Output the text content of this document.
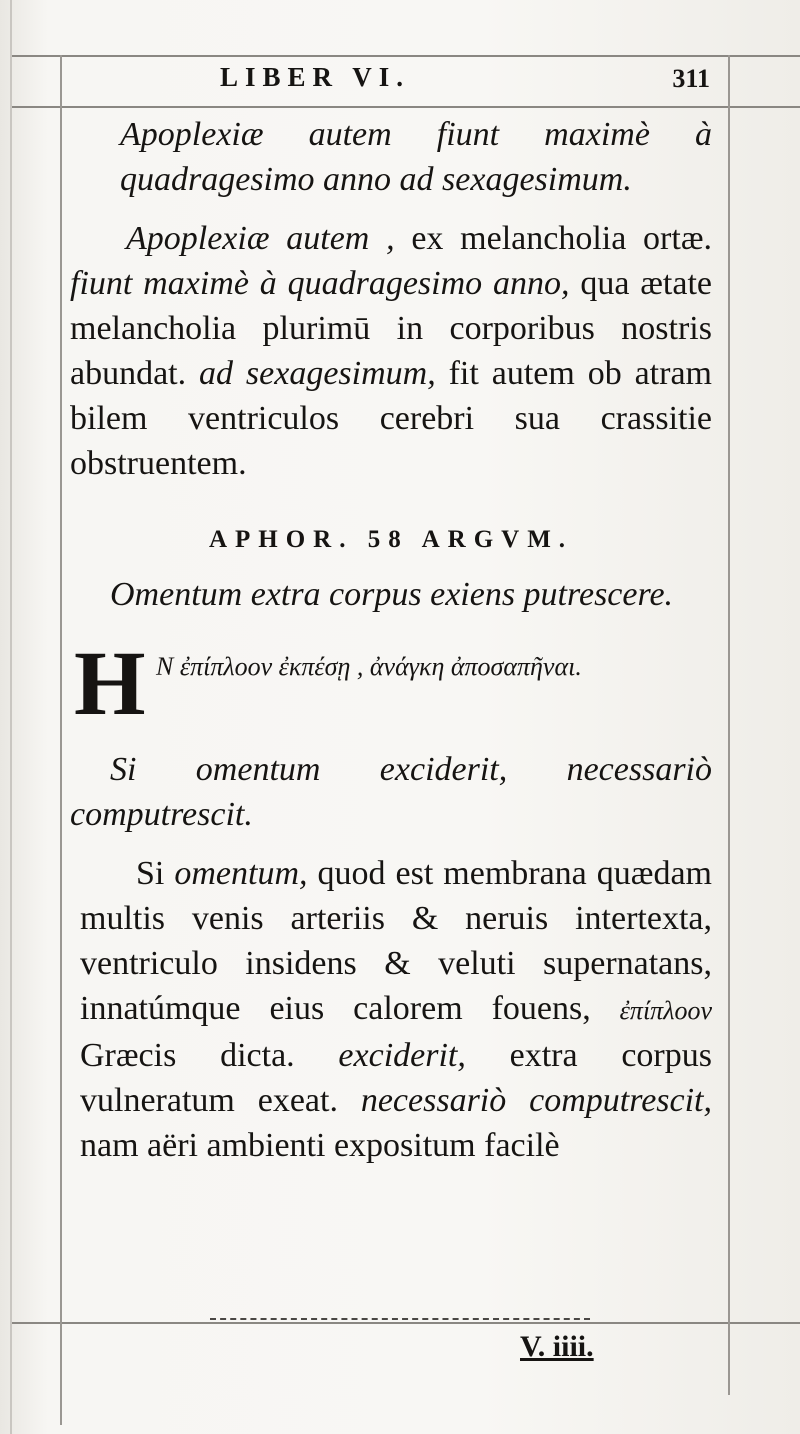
LIBER VI.	311

Apoplexiæ autem fiunt maximè à quadragesimo anno ad sexagesimum.

Apoplexiæ autem , ex melancholia ortæ. fiunt maximè à quadragesimo anno, qua ætate melancholia plurimū in corporibus nostris abundat. ad sexagesimum, fit autem ob atram bilem ventriculos cerebri sua crassitie obstruentem.

APHOR. 58 ARGVM.

Omentum extra corpus exiens putrescere.

H Ν ἐπίπλοον ἐκπέσῃ , ἀνάγκη ἀποσαπῆναι.

Si omentum exciderit, necessariò computrescit.

Si omentum, quod est membrana quædam multis venis arteriis & neruis intertexta, ventriculo insidens & veluti supernatans, innatúmque eius calorem fouens, ἐπίπλοον Græcis dicta. exciderit, extra corpus vulneratum exeat. necessariò computrescit, nam aëri ambienti expositum facilè

V. iiii.
